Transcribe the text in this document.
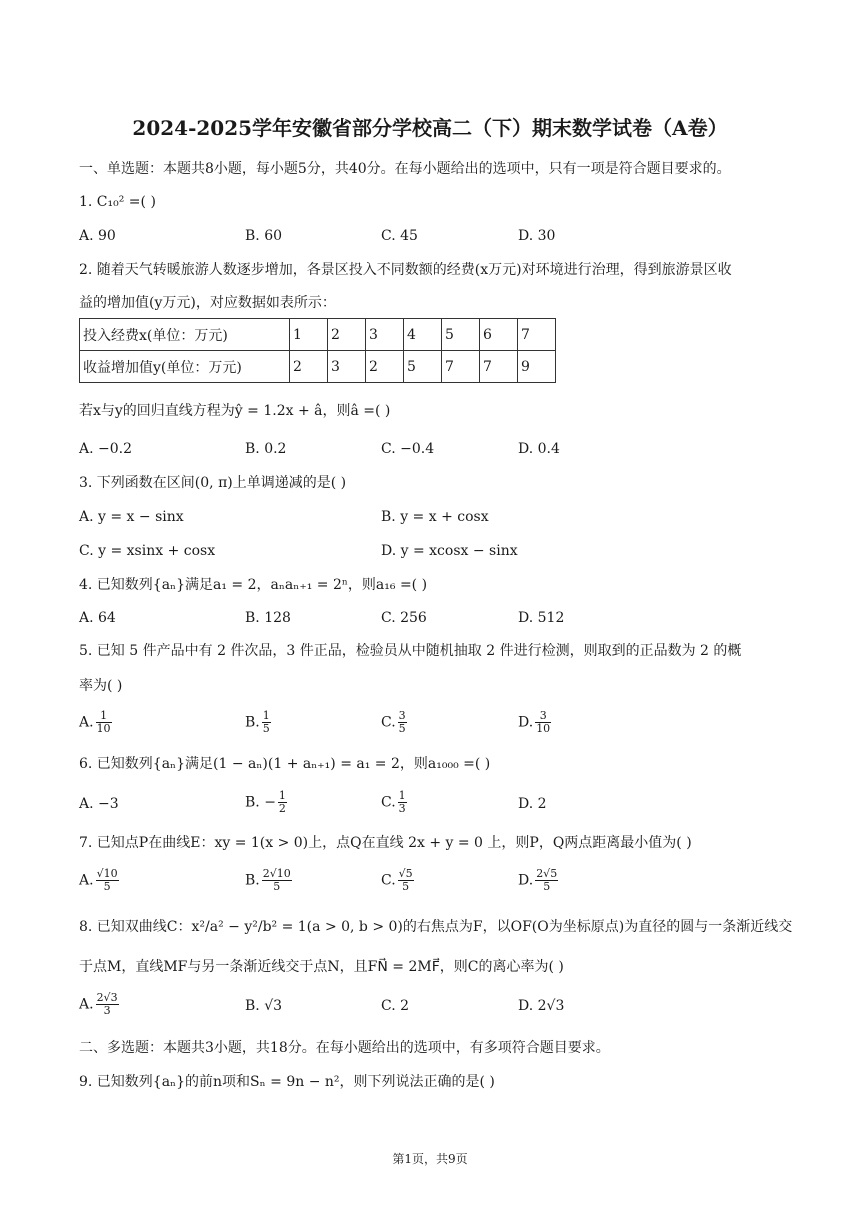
2024-2025学年安徽省部分学校高二（下）期末数学试卷（A卷）
一、单选题：本题共8小题，每小题5分，共40分。在每小题给出的选项中，只有一项是符合题目要求的。
1. C₁₀² =( )
A. 90	B. 60	C. 45	D. 30
2. 随着天气转暖旅游人数逐步增加，各景区投入不同数额的经费(x万元)对环境进行治理，得到旅游景区收
益的增加值(y万元)，对应数据如表所示：
投入经费x(单位：万元)	1	2	3	4	5	6	7
收益增加值y(单位：万元)	2	3	2	5	7	7	9
若x与y的回归直线方程为ŷ = 1.2x + â，则â =( )
A. −0.2	B. 0.2	C. −0.4	D. 0.4
3. 下列函数在区间(0, π)上单调递减的是( )
A. y = x − sinx	B. y = x + cosx
C. y = xsinx + cosx	D. y = xcosx − sinx
4. 已知数列{aₙ}满足a₁ = 2，aₙaₙ₊₁ = 2ⁿ，则a₁₆ =( )
A. 64	B. 128	C. 256	D. 512
5. 已知 5 件产品中有 2 件次品，3 件正品，检验员从中随机抽取 2 件进行检测，则取到的正品数为 2 的概
率为( )
A. $\frac{1}{10}$	B. $\frac{1}{5}$	C. $\frac{3}{5}$	D. $\frac{3}{10}$
6. 已知数列{aₙ}满足(1 − aₙ)(1 + aₙ₊₁) = a₁ = 2，则a₁₀₀₀ =( )
A. −3	B. − $\frac{1}{2}$	C. $\frac{1}{3}$	D. 2
7. 已知点P在曲线E：xy = 1(x > 0)上，点Q在直线 2x + y = 0 上，则P，Q两点距离最小值为( )
A. $\frac{√10}{5}$	B. $\frac{2√10}{5}$	C. $\frac{√5}{5}$	D. $\frac{2√5}{5}$
8. 已知双曲线C：x²/a² − y²/b² = 1(a > 0, b > 0)的右焦点为F，以OF(O为坐标原点)为直径的圆与一条渐近线交
于点M，直线MF与另一条渐近线交于点N，且FN⃗ = 2MF⃗，则C的离心率为( )
A. $\frac{2√3}{3}$	B. √3	C. 2	D. 2√3
二、多选题：本题共3小题，共18分。在每小题给出的选项中，有多项符合题目要求。
9. 已知数列{aₙ}的前n项和Sₙ = 9n − n²，则下列说法正确的是( )
第1页，共9页
